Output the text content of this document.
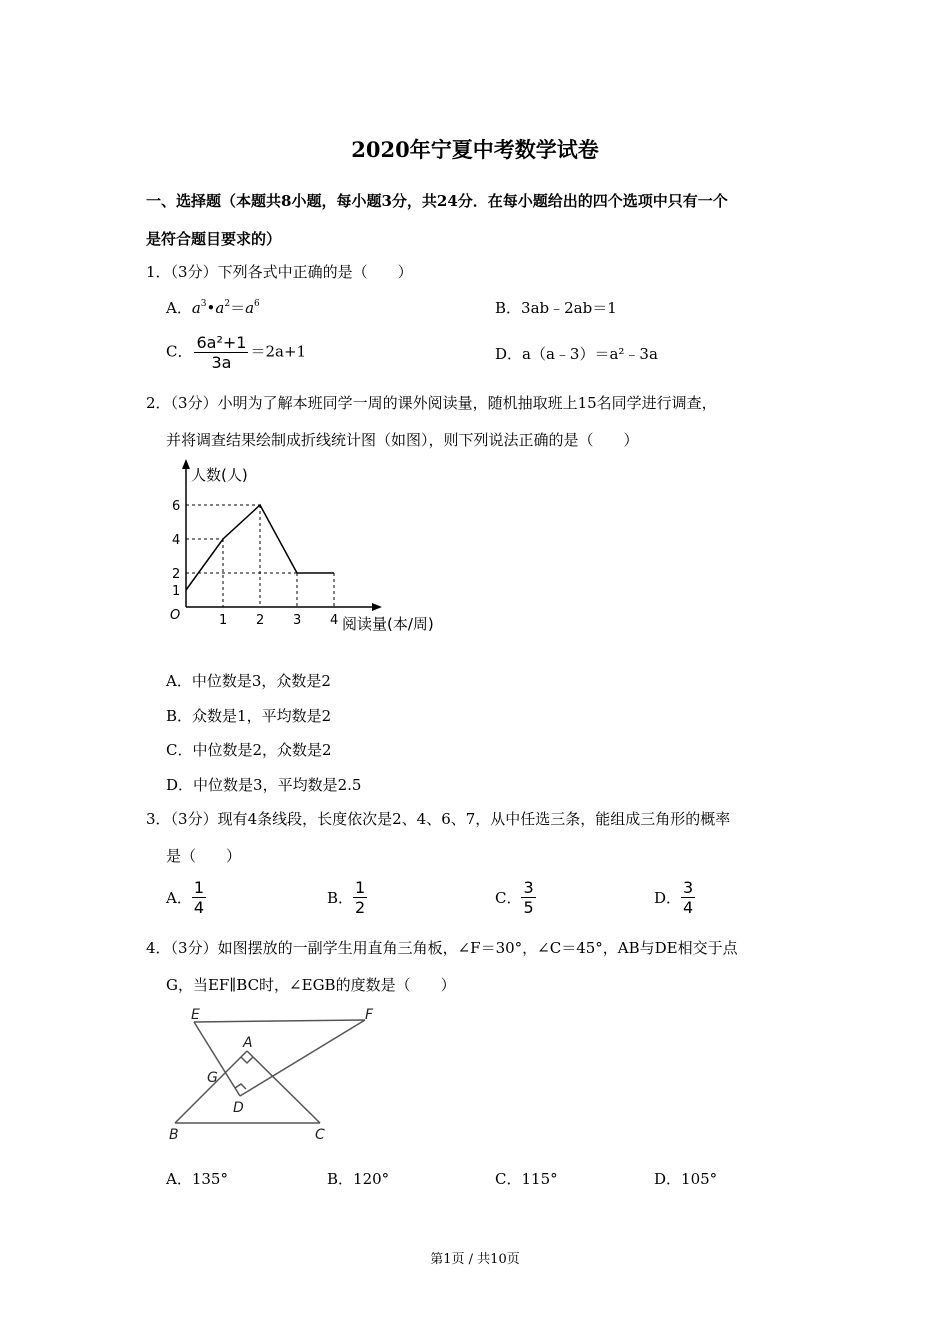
2020年宁夏中考数学试卷
一、选择题（本题共8小题，每小题3分，共24分．在每小题给出的四个选项中只有一个
是符合题目要求的）
1．（3分）下列各式中正确的是（　　）
A．$a^3•a^2=a^6$	B．3ab﹣2ab＝1
C． $\frac{\text{6a²+1}}{3a} =2a+1$	D．a（a﹣3）＝a²﹣3a
2．（3分）小明为了解本班同学一周的课外阅读量，随机抽取班上15名同学进行调查，
并将调查结果绘制成折线统计图（如图），则下列说法正确的是（　　）
1 2 3 4
1
2
4
6
O
人数(人)
阅读量(本/周)
A．中位数是3，众数是2
B．众数是1，平均数是2
C．中位数是2，众数是2
D．中位数是3，平均数是2.5
3．（3分）现有4条线段，长度依次是2、4、6、7，从中任选三条，能组成三角形的概率
是（　　）
A． $\frac{1}{4}$	B． $\frac{1}{2}$	C． $\frac{3}{5}$	D． $\frac{3}{4}$
4．（3分）如图摆放的一副学生用直角三角板，∠F＝30°，∠C＝45°，AB与DE相交于点
G，当EF∥BC时，∠EGB的度数是（　　）
E	F
A
G
D
B	C
A．135°	B．120°	C．115°	D．105°
第1页 / 共10页
